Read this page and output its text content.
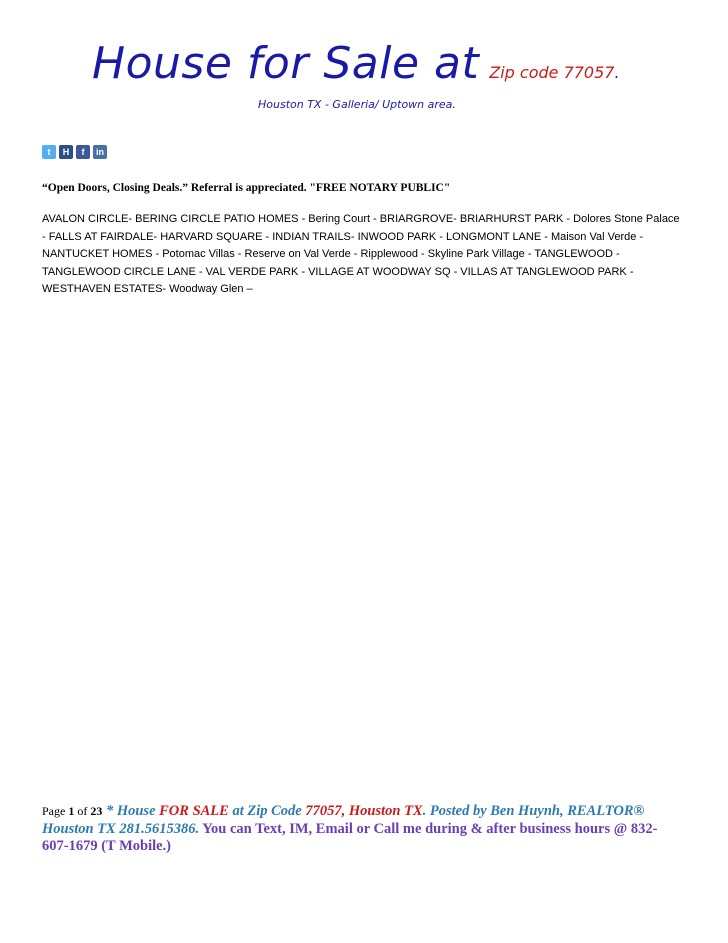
House for Sale at Zip code 77057.
Houston TX - Galleria/ Uptown area.
t	H	f	in
“Open Doors, Closing Deals.” Referral is appreciated. "FREE NOTARY PUBLIC"
AVALON CIRCLE- BERING CIRCLE PATIO HOMES - Bering Court - BRIARGROVE- BRIARHURST PARK - Dolores Stone Palace - FALLS AT FAIRDALE- HARVARD SQUARE - INDIAN TRAILS- INWOOD PARK - LONGMONT LANE - Maison Val Verde - NANTUCKET HOMES - Potomac Villas - Reserve on Val Verde - Ripplewood - Skyline Park Village - TANGLEWOOD - TANGLEWOOD CIRCLE LANE - VAL VERDE PARK - VILLAGE AT WOODWAY SQ - VILLAS AT TANGLEWOOD PARK - WESTHAVEN ESTATES- Woodway Glen –
Page 1 of 23 * House FOR SALE at Zip Code 77057, Houston TX. Posted by Ben Huynh, REALTOR® Houston TX 281.5615386. You can Text, IM, Email or Call me during & after business hours @ 832-607-1679 (T Mobile.)
